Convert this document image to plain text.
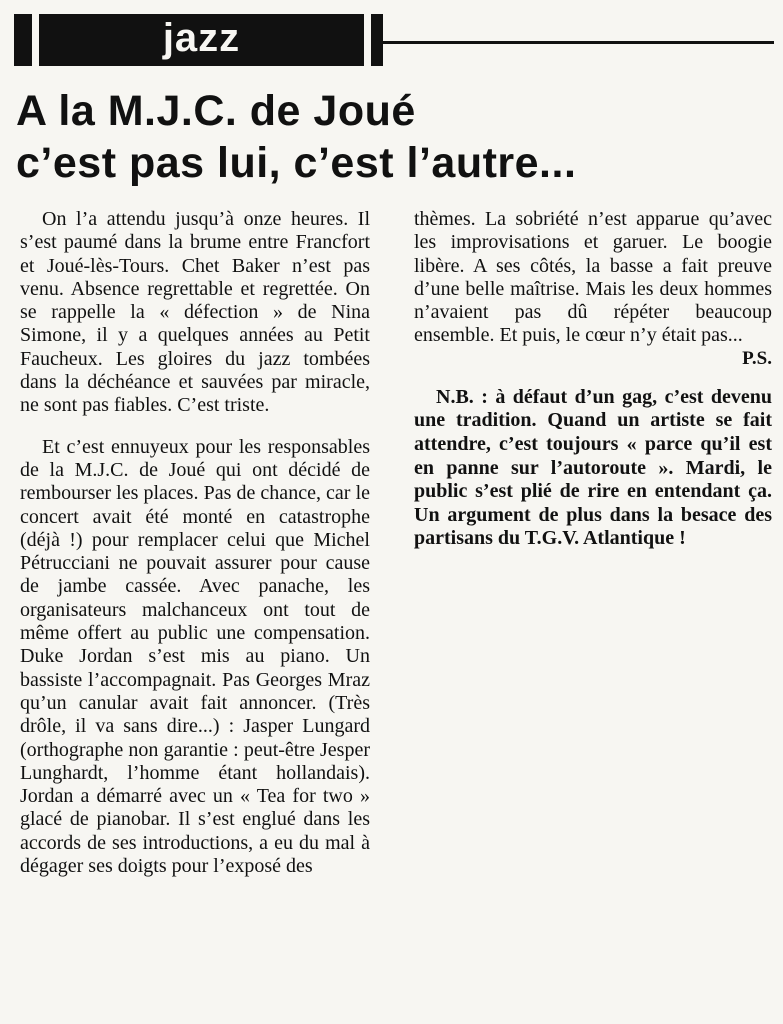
jazz
A la M.J.C. de Joué
c’est pas lui, c’est l’autre...

On l’a attendu jusqu’à onze heures. Il s’est paumé dans la brume entre Francfort et Joué-lès-Tours. Chet Baker n’est pas venu. Absence regrettable et regrettée. On se rappelle la « défection » de Nina Simone, il y a quelques années au Petit Faucheux. Les gloires du jazz tombées dans la déchéance et sauvées par miracle, ne sont pas fiables. C’est triste.

Et c’est ennuyeux pour les responsables de la M.J.C. de Joué qui ont décidé de rembourser les places. Pas de chance, car le concert avait été monté en catastrophe (déjà !) pour remplacer celui que Michel Pétrucciani ne pouvait assurer pour cause de jambe cassée. Avec panache, les organisateurs malchanceux ont tout de même offert au public une compensation. Duke Jordan s’est mis au piano. Un bassiste l’accompagnait. Pas Georges Mraz qu’un canular avait fait annoncer. (Très drôle, il va sans dire...) : Jasper Lungard (orthographe non garantie : peut-être Jesper Lunghardt, l’homme étant hollandais). Jordan a démarré avec un « Tea for two » glacé de pianobar. Il s’est englué dans les accords de ses introductions, a eu du mal à dégager ses doigts pour l’exposé des

thèmes. La sobriété n’est apparue qu’avec les improvisations et garuer. Le boogie libère. A ses côtés, la basse a fait preuve d’une belle maîtrise. Mais les deux hommes n’avaient pas dû répéter beaucoup ensemble. Et puis, le cœur n’y était pas...

P.S.

N.B. : à défaut d’un gag, c’est devenu une tradition. Quand un artiste se fait attendre, c’est toujours « parce qu’il est en panne sur l’autoroute ». Mardi, le public s’est plié de rire en entendant ça. Un argument de plus dans la besace des partisans du T.G.V. Atlantique !
